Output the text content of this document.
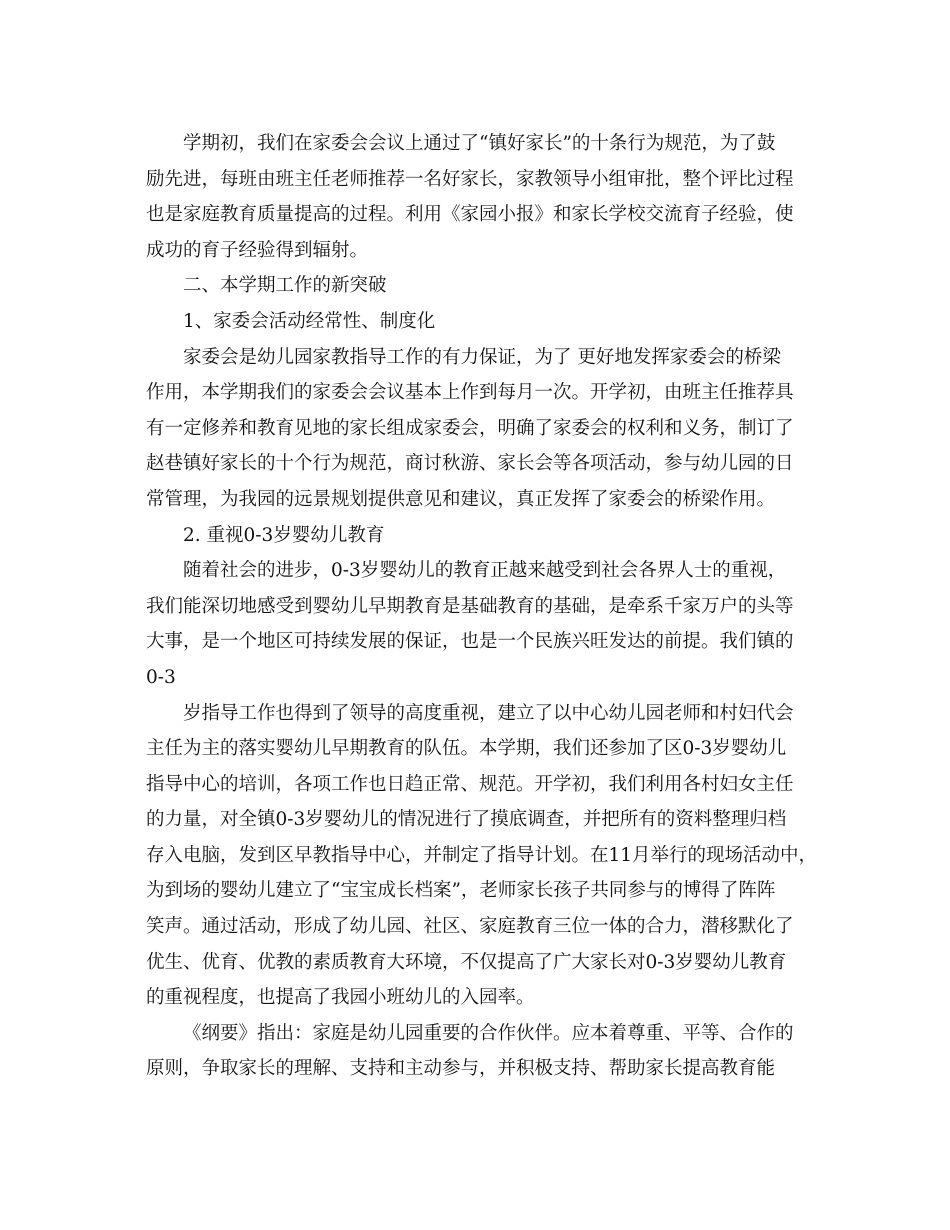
学期初，我们在家委会会议上通过了“镇好家长”的十条行为规范，为了鼓
励先进，每班由班主任老师推荐一名好家长，家教领导小组审批，整个评比过程
也是家庭教育质量提高的过程。利用《家园小报》和家长学校交流育子经验，使
成功的育子经验得到辐射。
二、本学期工作的新突破
1、家委会活动经常性、制度化
家委会是幼儿园家教指导工作的有力保证，为了 更好地发挥家委会的桥梁
作用，本学期我们的家委会会议基本上作到每月一次。开学初，由班主任推荐具
有一定修养和教育见地的家长组成家委会，明确了家委会的权利和义务，制订了
赵巷镇好家长的十个行为规范，商讨秋游、家长会等各项活动，参与幼儿园的日
常管理，为我园的远景规划提供意见和建议，真正发挥了家委会的桥梁作用。
2. 重视0-3岁婴幼儿教育
随着社会的进步，0-3岁婴幼儿的教育正越来越受到社会各界人士的重视，
我们能深切地感受到婴幼儿早期教育是基础教育的基础，是牵系千家万户的头等
大事，是一个地区可持续发展的保证，也是一个民族兴旺发达的前提。我们镇的
0-3
岁指导工作也得到了领导的高度重视，建立了以中心幼儿园老师和村妇代会
主任为主的落实婴幼儿早期教育的队伍。本学期，我们还参加了区0-3岁婴幼儿
指导中心的培训，各项工作也日趋正常、规范。开学初，我们利用各村妇女主任
的力量，对全镇0-3岁婴幼儿的情况进行了摸底调查，并把所有的资料整理归档
存入电脑，发到区早教指导中心，并制定了指导计划。在11月举行的现场活动中，
为到场的婴幼儿建立了“宝宝成长档案”，老师家长孩子共同参与的博得了阵阵
笑声。通过活动，形成了幼儿园、社区、家庭教育三位一体的合力，潜移默化了
优生、优育、优教的素质教育大环境，不仅提高了广大家长对0-3岁婴幼儿教育
的重视程度，也提高了我园小班幼儿的入园率。
《纲要》指出：家庭是幼儿园重要的合作伙伴。应本着尊重、平等、合作的
原则，争取家长的理解、支持和主动参与，并积极支持、帮助家长提高教育能
